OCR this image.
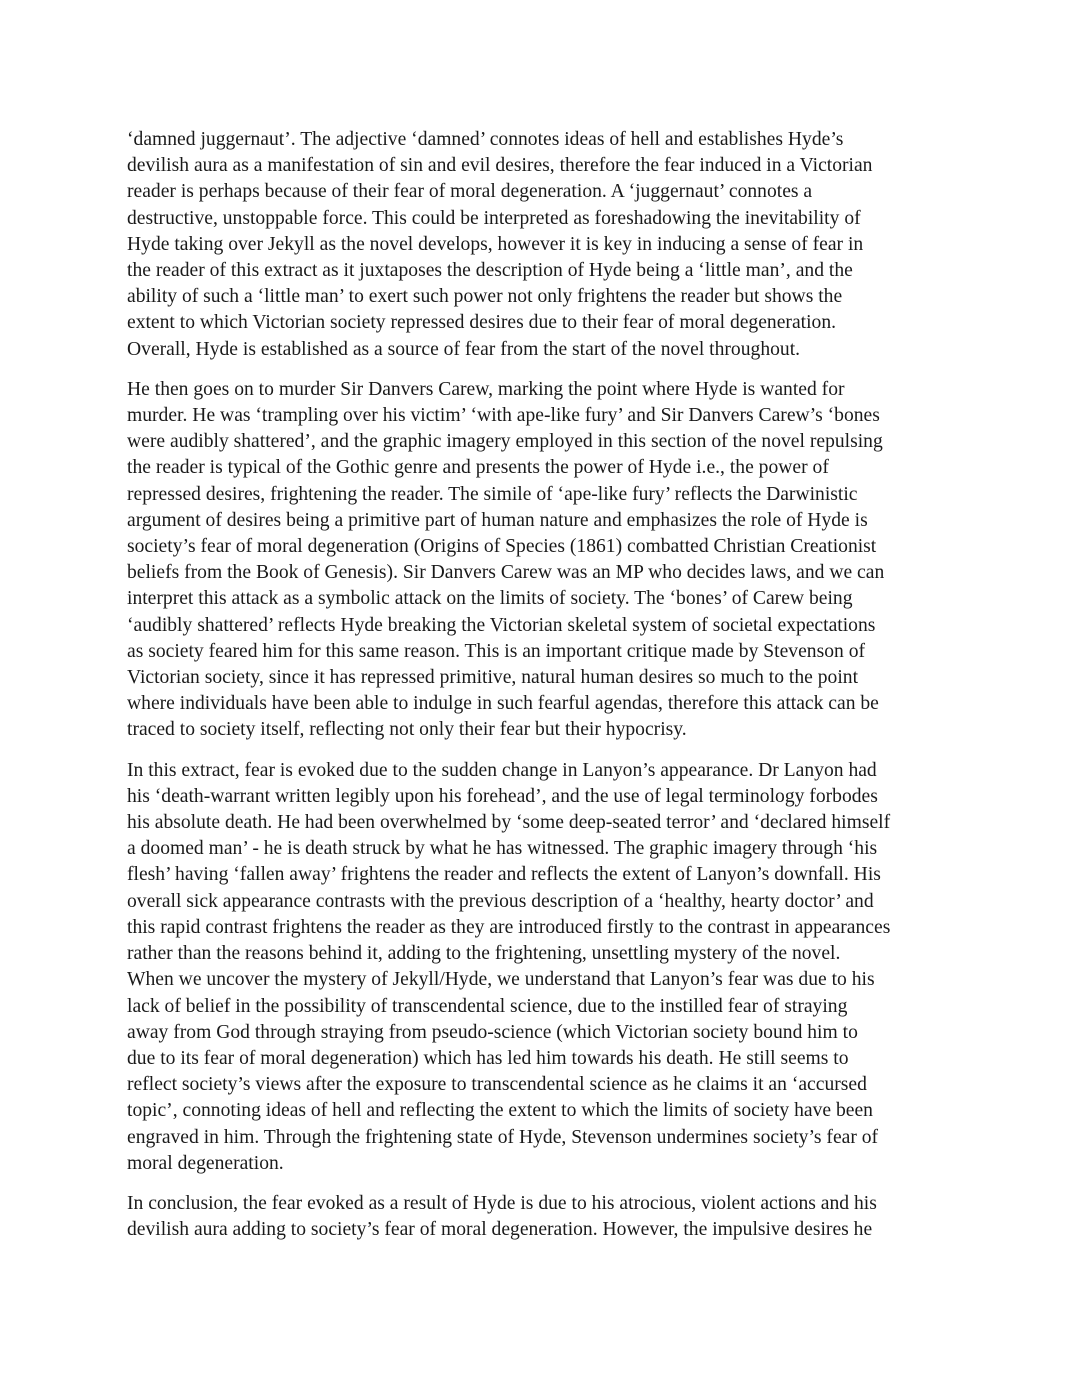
‘damned juggernaut’. The adjective ‘damned’ connotes ideas of hell and establishes Hyde’s
devilish aura as a manifestation of sin and evil desires, therefore the fear induced in a Victorian
reader is perhaps because of their fear of moral degeneration. A ‘juggernaut’ connotes a
destructive, unstoppable force. This could be interpreted as foreshadowing the inevitability of
Hyde taking over Jekyll as the novel develops, however it is key in inducing a sense of fear in
the reader of this extract as it juxtaposes the description of Hyde being a ‘little man’, and the
ability of such a ‘little man’ to exert such power not only frightens the reader but shows the
extent to which Victorian society repressed desires due to their fear of moral degeneration.
Overall, Hyde is established as a source of fear from the start of the novel throughout.

He then goes on to murder Sir Danvers Carew, marking the point where Hyde is wanted for
murder. He was ‘trampling over his victim’ ‘with ape-like fury’ and Sir Danvers Carew’s ‘bones
were audibly shattered’, and the graphic imagery employed in this section of the novel repulsing
the reader is typical of the Gothic genre and presents the power of Hyde i.e., the power of
repressed desires, frightening the reader. The simile of ‘ape-like fury’ reflects the Darwinistic
argument of desires being a primitive part of human nature and emphasizes the role of Hyde is
society’s fear of moral degeneration (Origins of Species (1861) combatted Christian Creationist
beliefs from the Book of Genesis). Sir Danvers Carew was an MP who decides laws, and we can
interpret this attack as a symbolic attack on the limits of society. The ‘bones’ of Carew being
‘audibly shattered’ reflects Hyde breaking the Victorian skeletal system of societal expectations
as society feared him for this same reason. This is an important critique made by Stevenson of
Victorian society, since it has repressed primitive, natural human desires so much to the point
where individuals have been able to indulge in such fearful agendas, therefore this attack can be
traced to society itself, reflecting not only their fear but their hypocrisy.

In this extract, fear is evoked due to the sudden change in Lanyon’s appearance. Dr Lanyon had
his ‘death-warrant written legibly upon his forehead’, and the use of legal terminology forbodes
his absolute death. He had been overwhelmed by ‘some deep-seated terror’ and ‘declared himself
a doomed man’ - he is death struck by what he has witnessed. The graphic imagery through ‘his
flesh’ having ‘fallen away’ frightens the reader and reflects the extent of Lanyon’s downfall. His
overall sick appearance contrasts with the previous description of a ‘healthy, hearty doctor’ and
this rapid contrast frightens the reader as they are introduced firstly to the contrast in appearances
rather than the reasons behind it, adding to the frightening, unsettling mystery of the novel.
When we uncover the mystery of Jekyll/Hyde, we understand that Lanyon’s fear was due to his
lack of belief in the possibility of transcendental science, due to the instilled fear of straying
away from God through straying from pseudo-science (which Victorian society bound him to
due to its fear of moral degeneration) which has led him towards his death. He still seems to
reflect society’s views after the exposure to transcendental science as he claims it an ‘accursed
topic’, connoting ideas of hell and reflecting the extent to which the limits of society have been
engraved in him. Through the frightening state of Hyde, Stevenson undermines society’s fear of
moral degeneration.

In conclusion, the fear evoked as a result of Hyde is due to his atrocious, violent actions and his
devilish aura adding to society’s fear of moral degeneration. However, the impulsive desires he
